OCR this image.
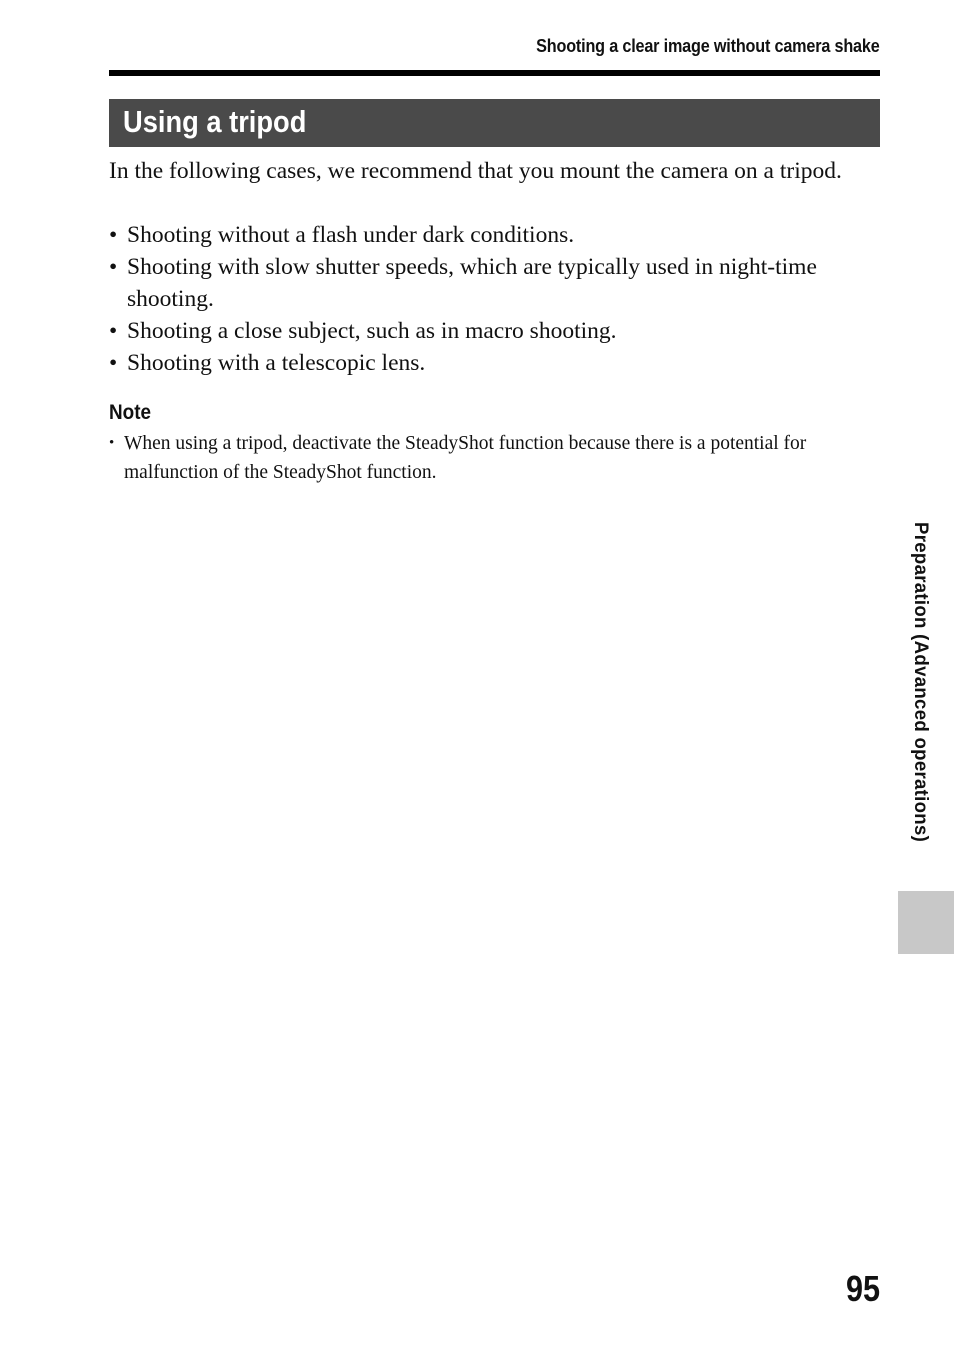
Shooting a clear image without camera shake
Using a tripod

In the following cases, we recommend that you mount the camera on a tripod.

• Shooting without a flash under dark conditions.
• Shooting with slow shutter speeds, which are typically used in night-time shooting.
• Shooting a close subject, such as in macro shooting.
• Shooting with a telescopic lens.
Note
• When using a tripod, deactivate the SteadyShot function because there is a potential for malfunction of the SteadyShot function.
Preparation (Advanced operations)
95
